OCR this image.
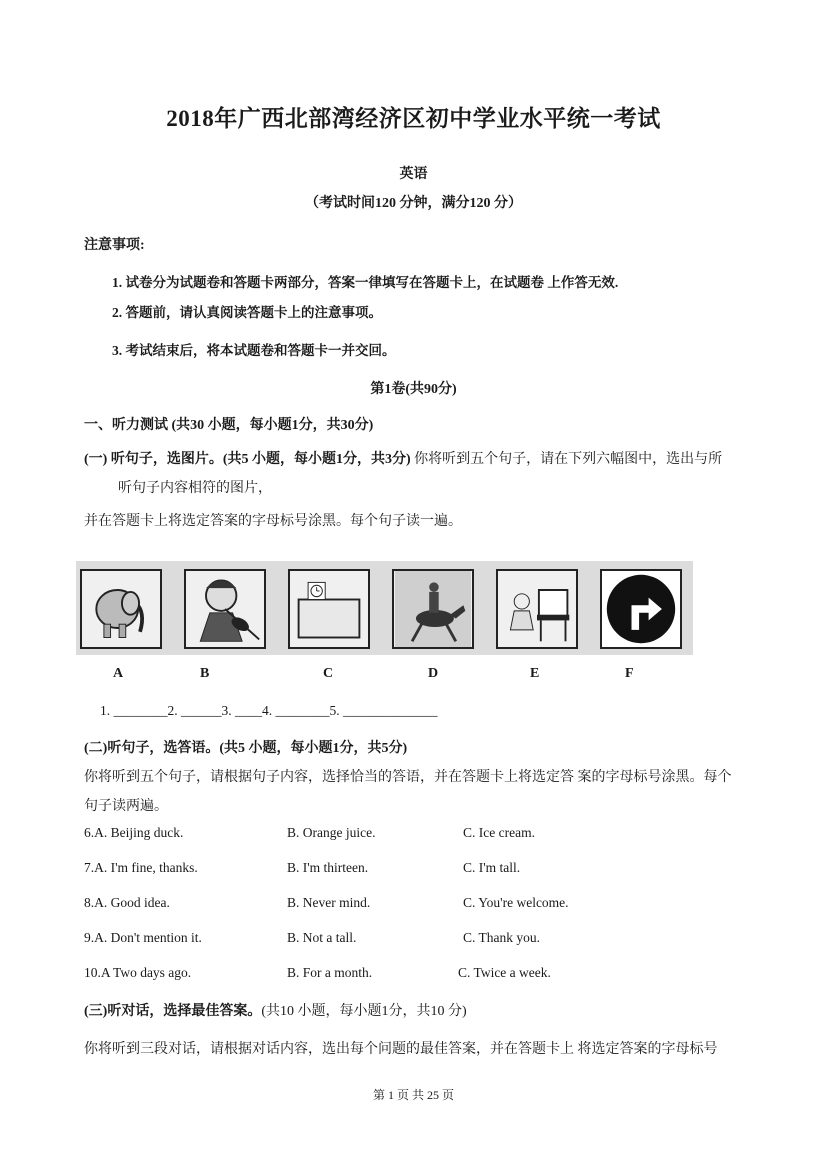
2018年广西北部湾经济区初中学业水平统一考试
英语
（考试时间120 分钟，满分120 分）
注意事项:
1. 试卷分为试题卷和答题卡两部分，答案一律填写在答题卡上，在试题卷 上作答无效.
2. 答题前，请认真阅读答题卡上的注意事项。
3. 考试结束后，将本试题卷和答题卡一并交回。
第1卷(共90分)
一、听力测试 (共30 小题，每小题1分，共30分)
(一) 听句子，选图片。(共5 小题，每小题1分，共3分) 你将听到五个句子，请在下列六幅图中，选出与所
听句子内容相符的图片，
并在答题卡上将选定答案的字母标号涂黑。每个句子读一遍。
A	B	C	D	E	F
1. ________2. ______3. ____4. ________5. ______________
(二)听句子，选答语。(共5 小题，每小题1分，共5分)
你将听到五个句子，请根据句子内容，选择恰当的答语，并在答题卡上将选定答 案的字母标号涂黑。每个
句子读两遍。
6.A. Beijing duck.	B. Orange juice.	C. Ice cream.
7.A. I'm fine, thanks.	B. I'm thirteen.	C. I'm tall.
8.A. Good idea.	B. Never mind.	C. You're welcome.
9.A. Don't mention it.	B. Not a tall.	C. Thank you.
10.A Two days ago.	B. For a month.	C. Twice a week.
(三)听对话，选择最佳答案。(共10 小题，每小题1分，共10 分)
你将听到三段对话，请根据对话内容，选出每个问题的最佳答案，并在答题卡上 将选定答案的字母标号
第 1 页 共 25 页
